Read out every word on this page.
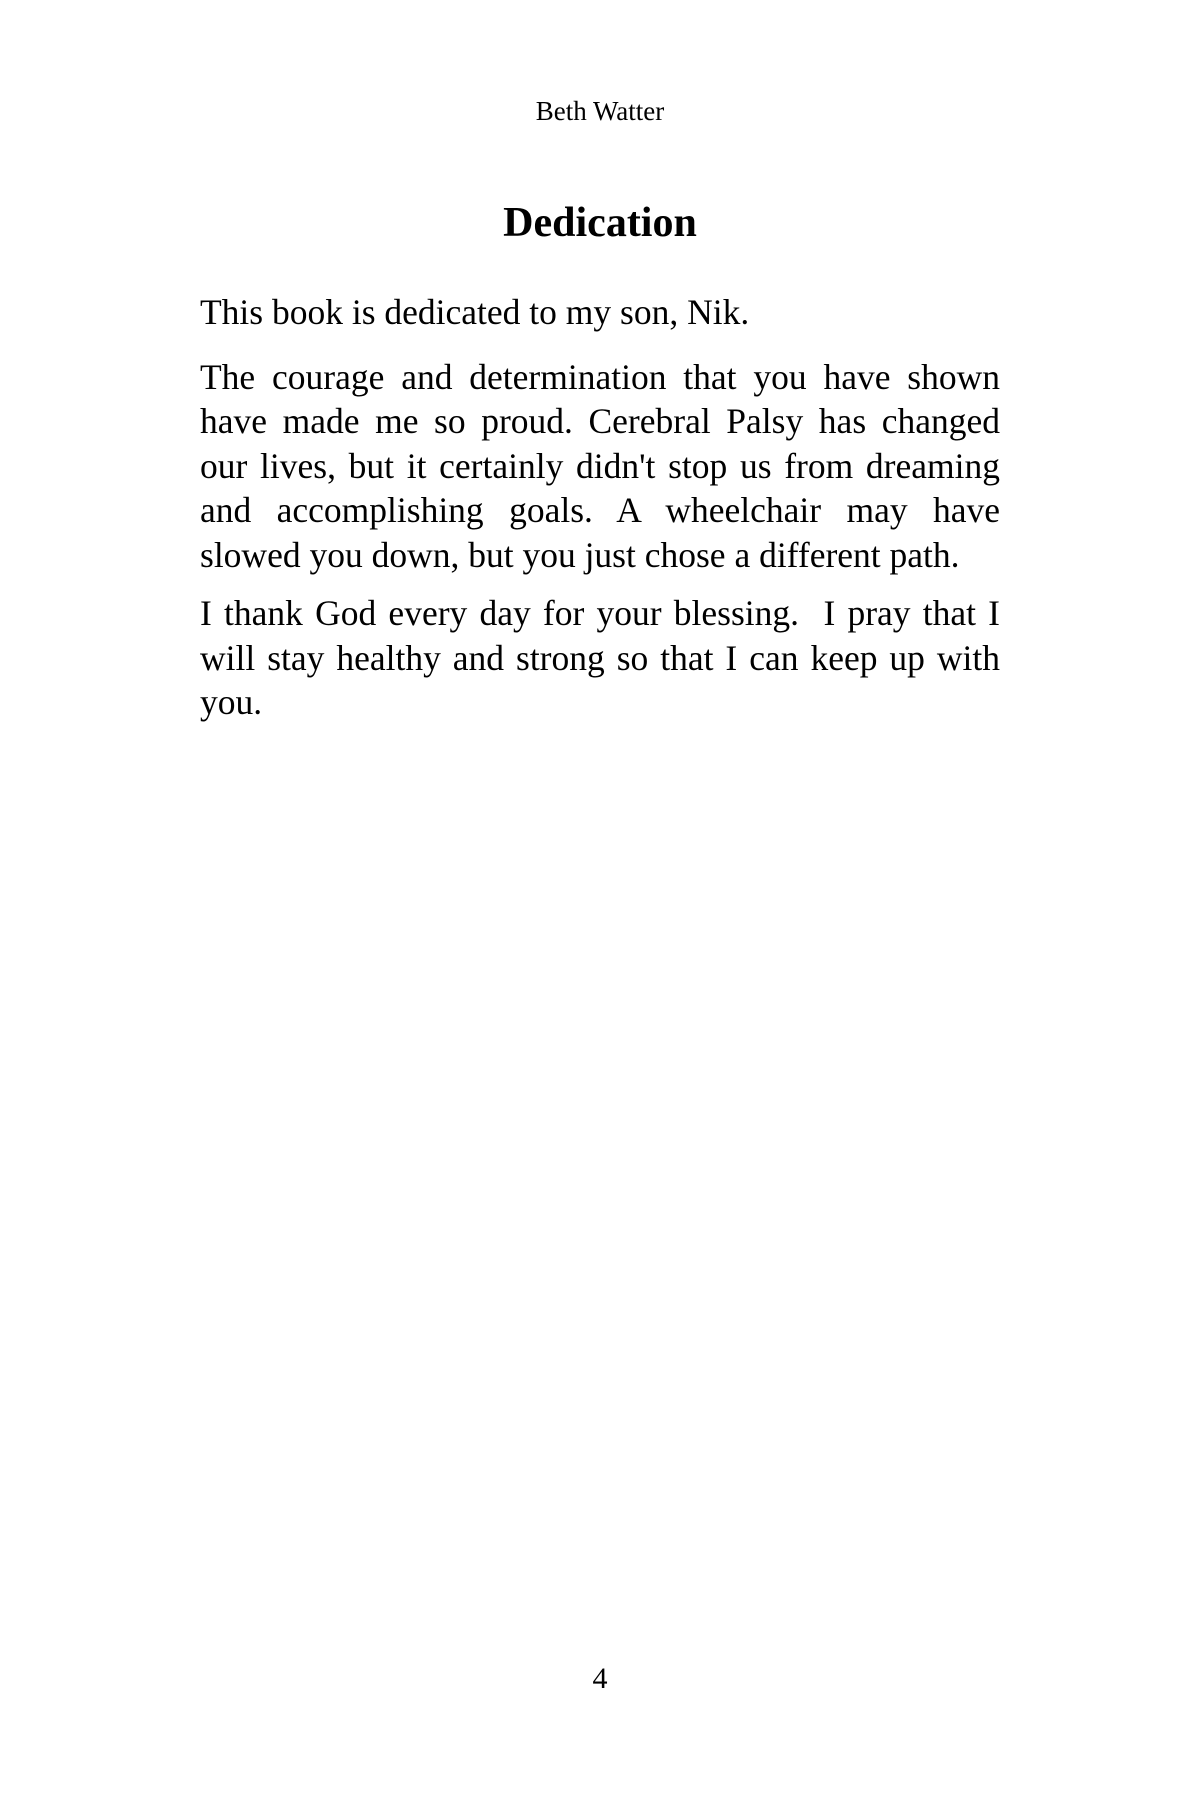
Beth Watter
Dedication

This book is dedicated to my son, Nik.

The courage and determination that you have shown have made me so proud. Cerebral Palsy has changed our lives, but it certainly didn't stop us from dreaming and accomplishing goals. A wheelchair may have slowed you down, but you just chose a different path.

I thank God every day for your blessing.  I pray that I will stay healthy and strong so that I can keep up with you.

4
